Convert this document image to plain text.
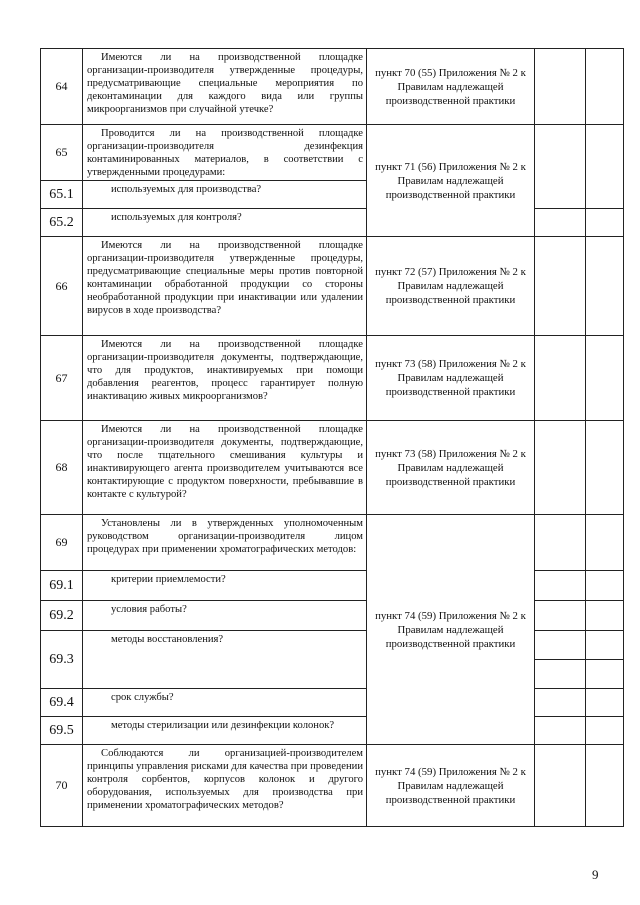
64	Имеются ли на производственной площадке организации-производителя утвержденные процедуры, предусматривающие специальные мероприятия по деконтаминации для каждого вида или группы микроорганизмов при случайной утечке?	пункт 70 (55) Приложения № 2 к Правилам надлежащей производственной практики		
65	Проводится ли на производственной площадке организации-производителя дезинфекция контаминированных материалов, в соответствии с утвержденными процедурами:	пункт 71 (56) Приложения № 2 к Правилам надлежащей производственной практики		
65.1	используемых для производства?			
65.2	используемых для контроля?			
66	Имеются ли на производственной площадке организации-производителя утвержденные процедуры, предусматривающие специальные меры против повторной контаминации обработанной продукции со стороны необработанной продукции при инактивации или удалении вирусов в ходе производства?	пункт 72 (57) Приложения № 2 к Правилам надлежащей производственной практики		
67	Имеются ли на производственной площадке организации-производителя документы, подтверждающие, что для продуктов, инактивируемых при помощи добавления реагентов, процесс гарантирует полную инактивацию живых микроорганизмов?	пункт 73 (58) Приложения № 2 к Правилам надлежащей производственной практики		
68	Имеются ли на производственной площадке организации-производителя документы, подтверждающие, что после тщательного смешивания культуры и инактивирующего агента производителем учитываются все контактирующие с продуктом поверхности, пребывавшие в контакте с культурой?	пункт 73 (58) Приложения № 2 к Правилам надлежащей производственной практики		
69	Установлены ли в утвержденных уполномоченным руководством организации-производителя лицом процедурах при применении хроматографических методов:	пункт 74 (59) Приложения № 2 к Правилам надлежащей производственной практики		
69.1	критерии приемлемости?			
69.2	условия работы?			
69.3	методы восстановления?		

69.4	срок службы?			
69.5	методы стерилизации или дезинфекции колонок?			
70	Соблюдаются ли организацией-производителем принципы управления рисками для качества при проведении контроля сорбентов, корпусов колонок и другого оборудования, используемых для производства при применении хроматографических методов?	пункт 74 (59) Приложения № 2 к Правилам надлежащей производственной практики		
9
